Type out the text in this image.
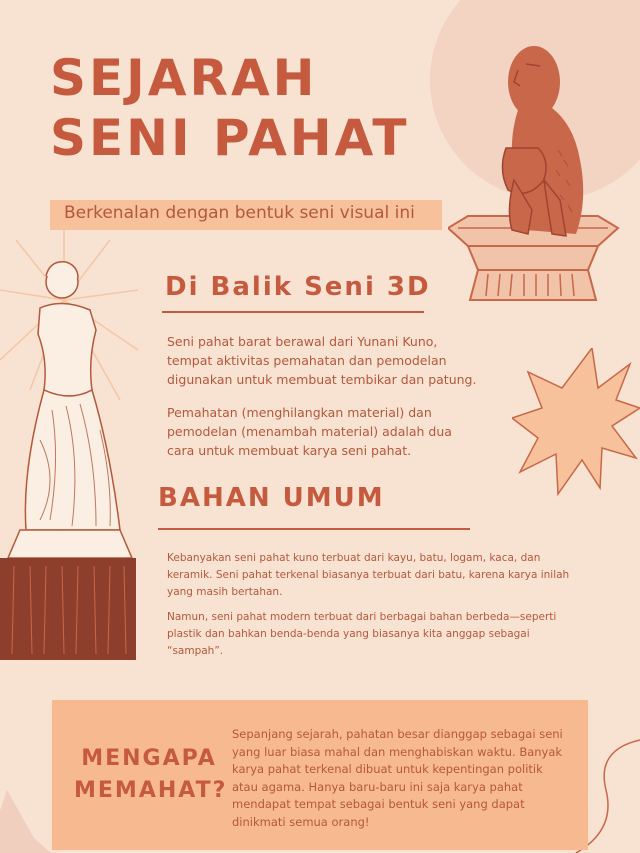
SEJARAH
SENI PAHAT
Berkenalan dengan bentuk seni visual ini
Di Balik Seni 3D
Seni pahat barat berawal dari Yunani Kuno, tempat aktivitas pemahatan dan pemodelan digunakan untuk membuat tembikar dan patung.
Pemahatan (menghilangkan material) dan pemodelan (menambah material) adalah dua cara untuk membuat karya seni pahat.
BAHAN UMUM
Kebanyakan seni pahat kuno terbuat dari kayu, batu, logam, kaca, dan keramik. Seni pahat terkenal biasanya terbuat dari batu, karena karya inilah yang masih bertahan.
Namun, seni pahat modern terbuat dari berbagai bahan berbeda—seperti plastik dan bahkan benda-benda yang biasanya kita anggap sebagai “sampah”.
MENGAPA
MEMAHAT?
Sepanjang sejarah, pahatan besar dianggap sebagai seni yang luar biasa mahal dan menghabiskan waktu. Banyak karya pahat terkenal dibuat untuk kepentingan politik atau agama. Hanya baru-baru ini saja karya pahat mendapat tempat sebagai bentuk seni yang dapat dinikmati semua orang!
